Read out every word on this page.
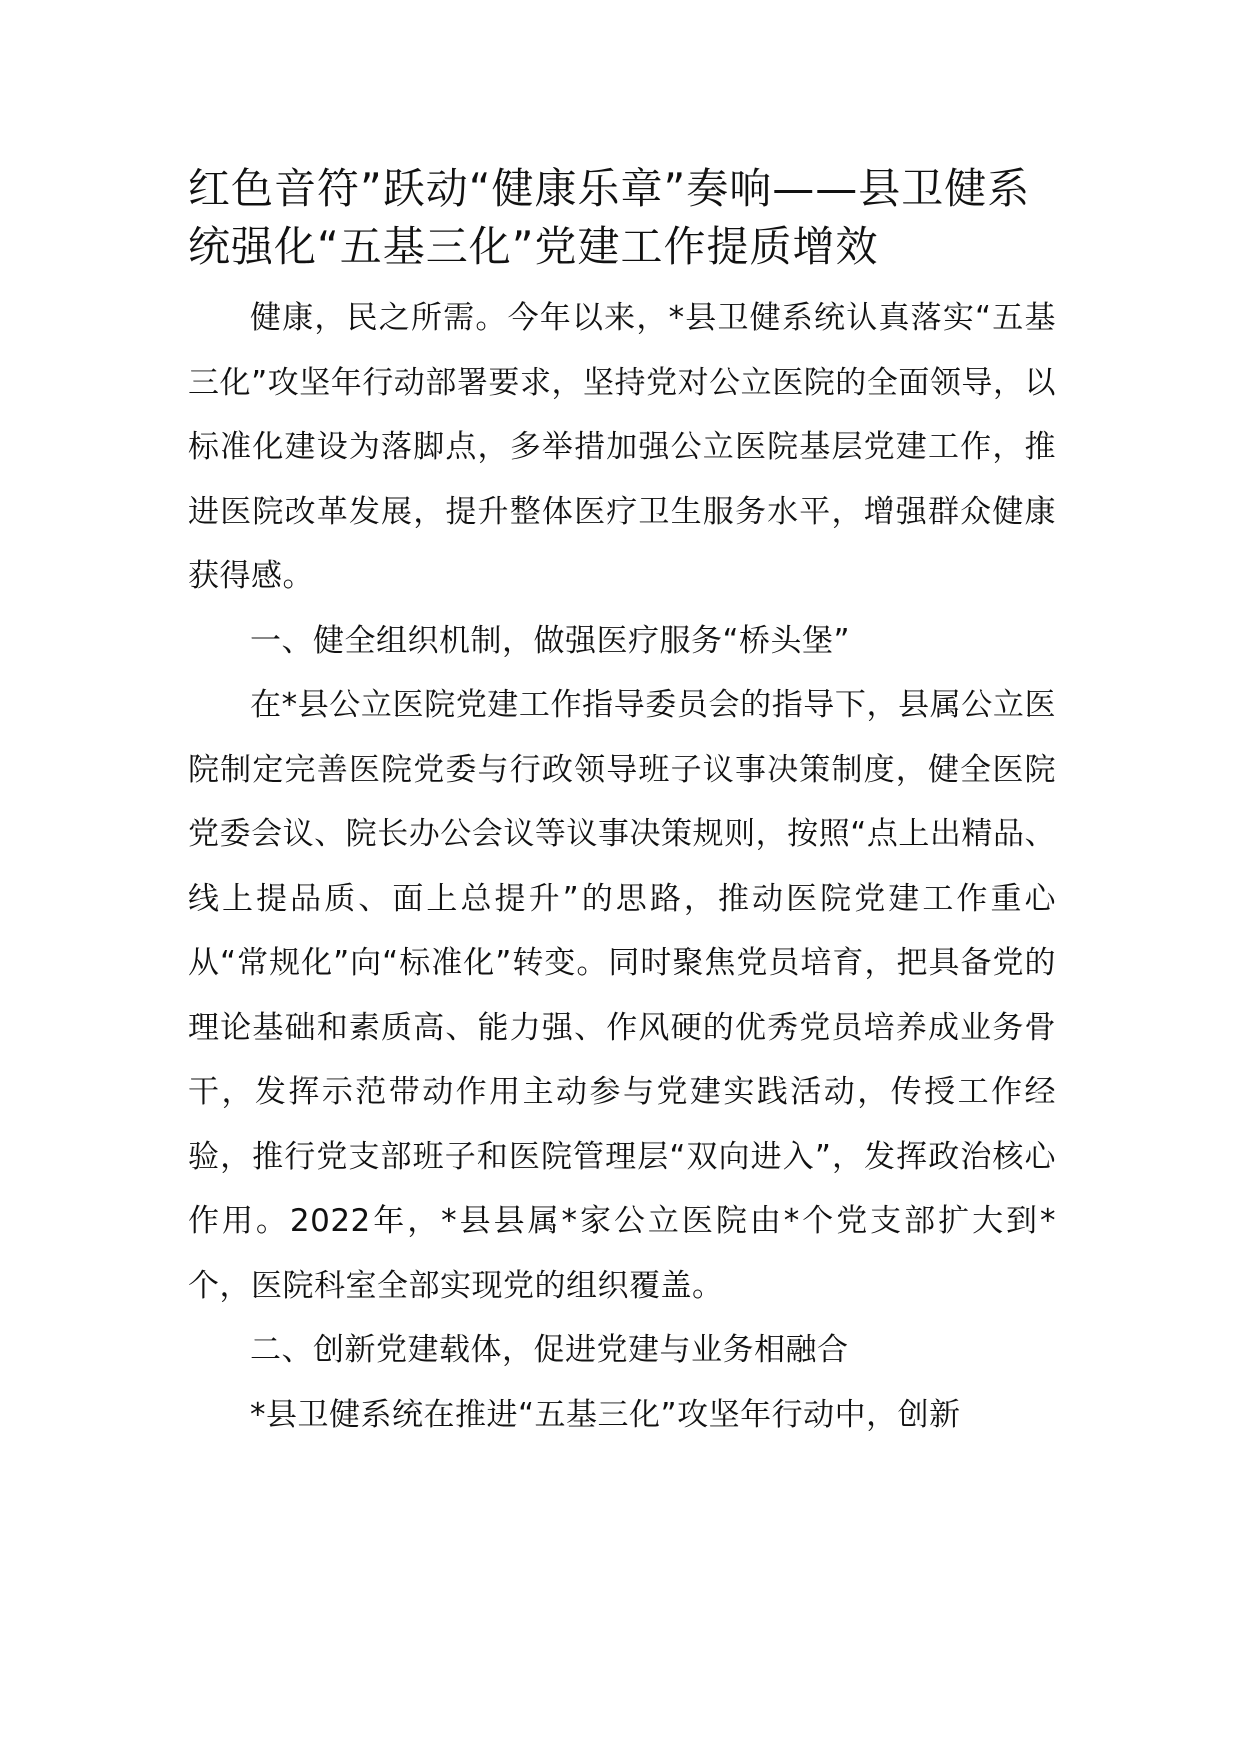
红色音符”跃动“健康乐章”奏响——县卫健系统强化“五基三化”党建工作提质增效

健康，民之所需。今年以来，*县卫健系统认真落实“五基三化”攻坚年行动部署要求，坚持党对公立医院的全面领导，以标准化建设为落脚点，多举措加强公立医院基层党建工作，推进医院改革发展，提升整体医疗卫生服务水平，增强群众健康获得感。

一、健全组织机制，做强医疗服务“桥头堡”

在*县公立医院党建工作指导委员会的指导下，县属公立医院制定完善医院党委与行政领导班子议事决策制度，健全医院党委会议、院长办公会议等议事决策规则，按照“点上出精品、线上提品质、面上总提升”的思路，推动医院党建工作重心从“常规化”向“标准化”转变。同时聚焦党员培育，把具备党的理论基础和素质高、能力强、作风硬的优秀党员培养成业务骨干，发挥示范带动作用主动参与党建实践活动，传授工作经验，推行党支部班子和医院管理层“双向进入”，发挥政治核心作用。2022年，*县县属*家公立医院由*个党支部扩大到*个，医院科室全部实现党的组织覆盖。

二、创新党建载体，促进党建与业务相融合

*县卫健系统在推进“五基三化”攻坚年行动中，创新
